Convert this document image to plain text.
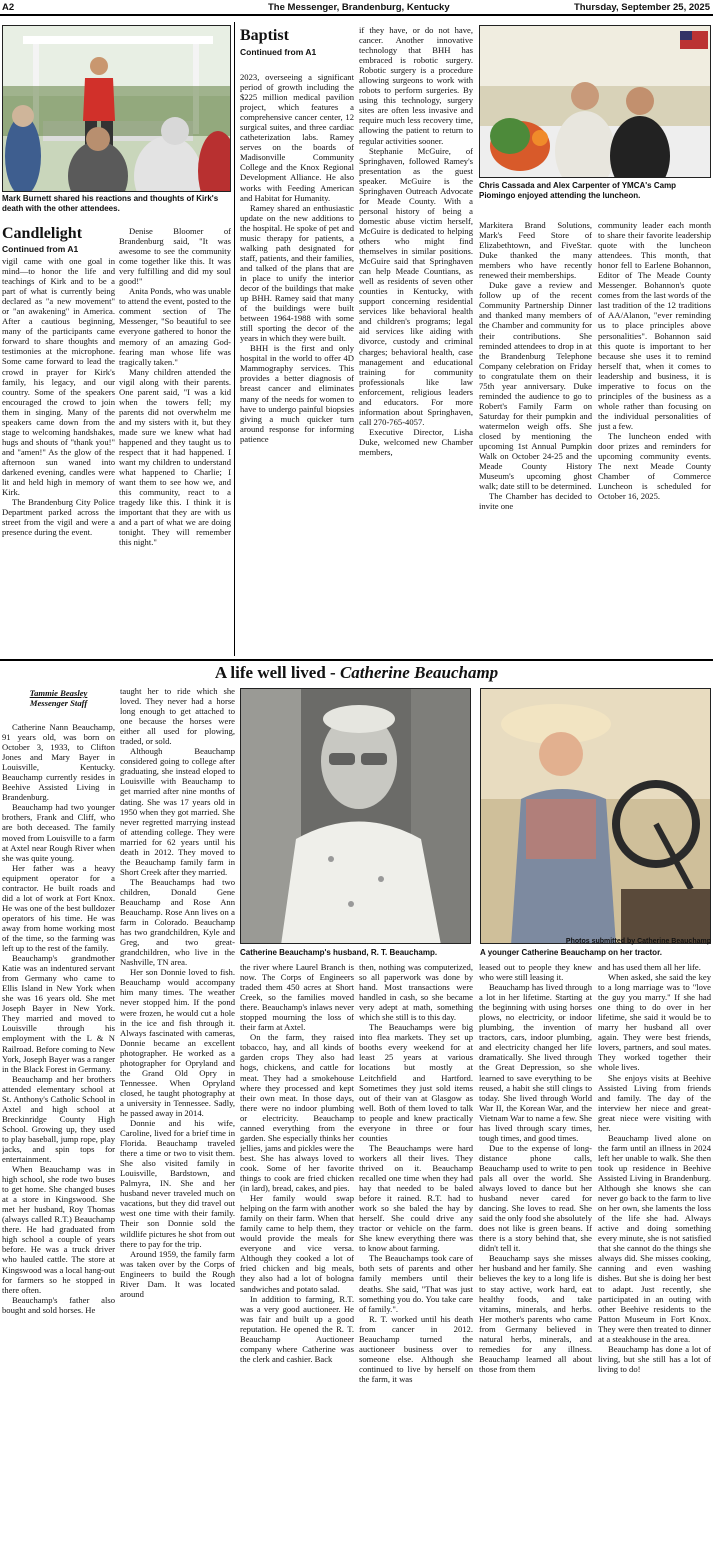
A2	The Messenger, Brandenburg, Kentucky	Thursday, September 25, 2025
Mark Burnett shared his reactions and thoughts of Kirk's death with the other attendees.
Candlelight
Continued from A1

vigil came with one goal in mind—to honor the life and teachings of Kirk and to be a part of what is currently being declared as "a new movement" or "an awakening" in America. After a cautious beginning, many of the participants came forward to share thoughts and testimonies at the microphone. Some came forward to lead the crowd in prayer for Kirk's family, his legacy, and our country. Some of the speakers encouraged the crowd to join them in singing. Many of the speakers came down from the stage to welcoming handshakes, hugs and shouts of "thank you!" and "amen!" As the glow of the afternoon sun waned into darkened evening, candles were lit and held high in memory of Kirk.

The Brandenburg City Police Department parked across the street from the vigil and were a presence during the event.

Denise Bloomer of Brandenburg said, "It was awesome to see the community come together like this. It was very fulfilling and did my soul good!"

Anita Ponds, who was unable to attend the event, posted to the comment section of The Messenger, "So beautiful to see everyone gathered to honor the memory of an amazing God-fearing man whose life was tragically taken."

Many children attended the vigil along with their parents. One parent said, "I was a kid when the towers fell; my parents did not overwhelm me and my sisters with it, but they made sure we knew what had happened and they taught us to respect that it had happened. I want my children to understand what happened to Charlie; I want them to see how we, and this community, react to a tragedy like this. I think it is important that they are with us and a part of what we are doing tonight. They will remember this night."

Baptist
Continued from A1

2023, overseeing a significant period of growth including the $225 million medical pavilion project, which features a comprehensive cancer center, 12 surgical suites, and three cardiac catheterization labs. Ramey serves on the boards of Madisonville Community College and the Knox Regional Development Alliance. He also works with Feeding American and Habitat for Humanity.

Ramey shared an enthusiastic update on the new additions to the hospital. He spoke of pet and music therapy for patients, a walking path designated for staff, patients, and their families, and talked of the plans that are in place to unify the interior decor of the buildings that make up BHH. Ramey said that many of the buildings were built between 1964-1988 with some still sporting the decor of the years in which they were built.

BHH is the first and only hospital in the world to offer 4D Mammography services. This provides a better diagnosis of breast cancer and eliminates many of the needs for women to have to undergo painful biopsies giving a much quicker turn around response for informing patience

if they have, or do not have, cancer. Another innovative technology that BHH has embraced is robotic surgery. Robotic surgery is a procedure allowing surgeons to work with robots to perform surgeries. By using this technology, surgery sites are often less invasive and require much less recovery time, allowing the patient to return to regular activities sooner.

Stephanie McGuire, of Springhaven, followed Ramey's presentation as the guest speaker. McGuire is the Springhaven Outreach Advocate for Meade County. With a personal history of being a domestic abuse victim herself, McGuire is dedicated to helping others who might find themselves in similar positions. McGuire said that Springhaven can help Meade Countians, as well as residents of seven other counties in Kentucky, with support concerning residential services like behavioral health and children's programs; legal aid services like aiding with divorce, custody and criminal charges; behavioral health, case management and educational training for community professionals like law enforcement, religious leaders and educators. For more information about Springhaven, call 270-765-4057.

Executive Director, Lisha Duke, welcomed new Chamber members,

Chris Cassada and Alex Carpenter of YMCA's Camp Piomingo enjoyed attending the luncheon.

Markitera Brand Solutions, Mark's Feed Store of Elizabethtown, and FiveStar. Duke thanked the many members who have recently renewed their memberships.

Duke gave a review and follow up of the recent Community Partnership Dinner and thanked many members of the Chamber and community for their contributions. She reminded attendees to drop in at the Brandenburg Telephone Company celebration on Friday to congratulate them on their 75th year anniversary. Duke reminded the audience to go to Robert's Family Farm on Saturday for their pumpkin and watermelon weigh offs. She closed by mentioning the upcoming 1st Annual Pumpkin Walk on October 24-25 and the Meade County History Museum's upcoming ghost walk; date still to be determined.

The Chamber has decided to invite one

community leader each month to share their favorite leadership quote with the luncheon attendees. This month, that honor fell to Earlene Bohannon, Editor of The Meade County Messenger. Bohannon's quote comes from the last words of the last tradition of the 12 traditions of AA/Alanon, "ever reminding us to place principles above personalities". Bohannon said this quote is important to her because she uses it to remind herself that, when it comes to leadership and business, it is imperative to focus on the principles of the business as a whole rather than focusing on the individual personalities of just a few.

The luncheon ended with door prizes and reminders for upcoming community events. The next Meade County Chamber of Commerce Luncheon is scheduled for October 16, 2025.

A life well lived - Catherine Beauchamp
Tammie Beasley
Messenger Staff

Catherine Nann Beauchamp, 91 years old, was born on October 3, 1933, to Clifton Jones and Mary Bayer in Louisville, Kentucky. Beauchamp currently resides in Beehive Assisted Living in Brandenburg.

Beauchamp had two younger brothers, Frank and Cliff, who are both deceased. The family moved from Louisville to a farm at Axtel near Rough River when she was quite young.

Her father was a heavy equipment operator for a contractor. He built roads and did a lot of work at Fort Knox. He was one of the best bulldozer operators of his time. He was away from home working most of the time, so the farming was left up to the rest of the family.

Beauchamp's grandmother Katie was an indentured servant from Germany who came to Ellis Island in New York when she was 16 years old. She met Joseph Bayer in New York. They married and moved to Louisville through his employment with the L & N Railroad. Before coming to New York, Joseph Bayer was a ranger in the Black Forest in Germany.

Beauchamp and her brothers attended elementary school at St. Anthony's Catholic School in Axtel and high school at Breckinridge County High School. Growing up, they used to play baseball, jump rope, play jacks, and spin tops for entertainment.

When Beauchamp was in high school, she rode two buses to get home. She changed buses at a store in Kingswood. She met her husband, Roy Thomas (always called R.T.) Beauchamp there. He had graduated from high school a couple of years before. He was a truck driver who hauled cattle. The store at Kingswood was a local hang-out for farmers so he stopped in there often.

Beauchamp's father also bought and sold horses. He

taught her to ride which she loved. They never had a horse long enough to get attached to one because the horses were either all used for plowing, traded, or sold.

Although Beauchamp considered going to college after graduating, she instead eloped to Louisville with Beauchamp to get married after nine months of dating. She was 17 years old in 1950 when they got married. She never regretted marrying instead of attending college. They were married for 62 years until his death in 2012. They moved to the Beauchamp family farm in Short Creek after they married.

The Beauchamps had two children, Donald Gene Beauchamp and Rose Ann Beauchamp. Rose Ann lives on a farm in Colorado. Beauchamp has two grandchildren, Kyle and Greg, and two great-grandchildren, who live in the Nashville, TN area.

Her son Donnie loved to fish. Beauchamp would accompany him many times. The weather never stopped him. If the pond were frozen, he would cut a hole in the ice and fish through it. Always fascinated with cameras, Donnie became an excellent photographer. He worked as a photographer for Opryland and the Grand Old Opry in Tennessee. When Opryland closed, he taught photography at a university in Tennessee. Sadly, he passed away in 2014.

Donnie and his wife, Caroline, lived for a brief time in Florida. Beauchamp traveled there a time or two to visit them. She also visited family in Louisville, Bardstown, and Palmyra, IN. She and her husband never traveled much on vacations, but they did travel out west one time with their family. Their son Donnie sold the wildlife pictures he shot from out there to pay for the trip.

Around 1959, the family farm was taken over by the Corps of Engineers to build the Rough River Dam. It was located around

Photos submitted by Catherine Beauchamp
Catherine Beauchamp's husband, R. T. Beauchamp.	A younger Catherine Beauchamp on her tractor.

the river where Laurel Branch is now. The Corps of Engineers traded them 450 acres at Short Creek, so the families moved there. Beauchamp's inlaws never stopped mourning the loss of their farm at Axtel.

On the farm, they raised tobacco, hay, and all kinds of garden crops They also had hogs, chickens, and cattle for meat. They had a smokehouse where they processed and kept their own meat. In those days, there were no indoor plumbing or electricity. Beauchamp canned everything from the garden. She especially thinks her jellies, jams and pickles were the best. She has always loved to cook. Some of her favorite things to cook are fried chicken (in lard), bread, cakes, and pies.

Her family would swap helping on the farm with another family on their farm. When that family came to help them, they would provide the meals for everyone and vice versa. Although they cooked a lot of fried chicken and big meals, they also had a lot of bologna sandwiches and potato salad.

In addition to farming, R.T. was a very good auctioneer. He was fair and built up a good reputation. He opened the R. T. Beauchamp Auctioneer company where Catherine was the clerk and cashier. Back

then, nothing was computerized, so all paperwork was done by hand. Most transactions were handled in cash, so she became very adept at math, something which she still is to this day.

The Beauchamps were big into flea markets. They set up booths every weekend for at least 25 years at various locations but mostly at Leitchfield and Hartford. Sometimes they just sold items out of their van at Glasgow as well. Both of them loved to talk to people and knew practically everyone in three or four counties

The Beauchamps were hard workers all their lives. They thrived on it. Beauchamp recalled one time when they had hay that needed to be baled before it rained. R.T. had to work so she baled the hay by herself. She could drive any tractor or vehicle on the farm. She knew everything there was to know about farming.

The Beauchamps took care of both sets of parents and other family members until their deaths. She said, "That was just something you do. You take care of family.".

R. T. worked until his death from cancer in 2012. Beauchamp turned the auctioneer business over to someone else. Although she continued to live by herself on the farm, it was

leased out to people they knew who were still leasing it.

Beauchamp has lived through a lot in her lifetime. Starting at the beginning with using horses plows, no electricity, or indoor plumbing, the invention of tractors, cars, indoor plumbing, and electricity changed her life dramatically. She lived through the Great Depression, so she learned to save everything to be reused, a habit she still clings to today. She lived through World War II, the Korean War, and the Vietnam War to name a few. She has lived through scary times, tough times, and good times.

Due to the expense of long-distance phone calls, Beauchamp used to write to pen pals all over the world. She always loved to dance but her husband never cared for dancing. She loves to read. She said the only food she absolutely does not like is green beans. If there is a story behind that, she didn't tell it.

Beauchamp says she misses her husband and her family. She believes the key to a long life is to stay active, work hard, eat healthy foods, and take vitamins, minerals, and herbs. Her mother's parents who came from Germany believed in natural herbs, minerals, and remedies for any illness. Beauchamp learned all about those from them

and has used them all her life.

When asked, she said the key to a long marriage was to "love the guy you marry." If she had one thing to do over in her lifetime, she said it would be to marry her husband all over again. They were best friends, lovers, partners, and soul mates. They worked together their whole lives.

She enjoys visits at Beehive Assisted Living from friends and family. The day of the interview her niece and great-great niece were visiting with her.

Beauchamp lived alone on the farm until an illness in 2024 left her unable to walk. She then took up residence in Beehive Assisted Living in Brandenburg. Although she knows she can never go back to the farm to live on her own, she laments the loss of the life she had. Always active and doing something every minute, she is not satisfied that she cannot do the things she always did. She misses cooking, canning and even washing dishes. But she is doing her best to adapt. Just recently, she participated in an outing with other Beehive residents to the Patton Museum in Fort Knox. They were then treated to dinner at a steakhouse in the area.

Beauchamp has done a lot of living, but she still has a lot of living to do!
